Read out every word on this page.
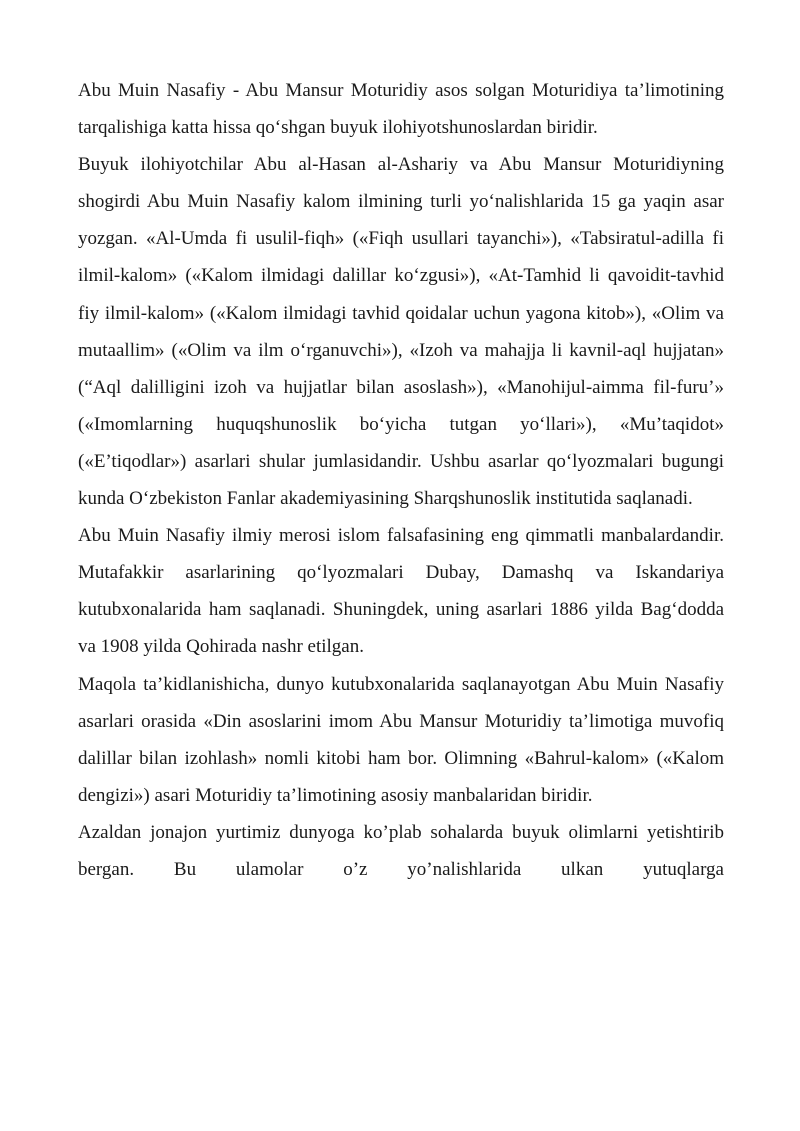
Abu Muin Nasafiy - Abu Mansur Moturidiy asos solgan Moturidiya ta’limotining tarqalishiga katta hissa qo‘shgan buyuk ilohiyotshunoslardan biridir.

Buyuk ilohiyotchilar Abu al-Hasan al-Ashariy va Abu Mansur Moturidiyning shogirdi Abu Muin Nasafiy kalom ilmining turli yo‘nalishlarida 15 ga yaqin asar yozgan. «Al-Umda fi usulil-fiqh» («Fiqh usullari tayanchi»), «Tabsiratul-adilla fi ilmil-kalom» («Kalom ilmidagi dalillar ko‘zgusi»), «At-Tamhid li qavoidit-tavhid fiy ilmil-kalom» («Kalom ilmidagi tavhid qoidalar uchun yagona kitob»), «Olim va mutaallim» («Olim va ilm o‘rganuvchi»), «Izoh va mahajja li kavnil-aql hujjatan» (“Aql dalilligini izoh va hujjatlar bilan asoslash»), «Manohijul-aimma fil-furu’» («Imomlarning huquqshunoslik bo‘yicha tutgan yo‘llari»), «Mu’taqidot» («E’tiqodlar») asarlari shular jumlasidandir. Ushbu asarlar qo‘lyozmalari bugungi kunda O‘zbekiston Fanlar akademiyasining Sharqshunoslik institutida saqlanadi.

Abu Muin Nasafiy ilmiy merosi islom falsafasining eng qimmatli manbalardandir. Mutafakkir asarlarining qo‘lyozmalari Dubay, Damashq va Iskandariya kutubxonalarida ham saqlanadi. Shuningdek, uning asarlari 1886 yilda Bag‘dodda va 1908 yilda Qohirada nashr etilgan.

Maqola ta’kidlanishicha, dunyo kutubxonalarida saqlanayotgan Abu Muin Nasafiy asarlari orasida «Din asoslarini imom Abu Mansur Moturidiy ta’limotiga muvofiq dalillar bilan izohlash» nomli kitobi ham bor. Olimning «Bahrul-kalom» («Kalom dengizi») asari Moturidiy ta’limotining asosiy manbalaridan biridir.

Azaldan jonajon yurtimiz dunyoga ko’plab sohalarda buyuk olimlarni yetishtirib bergan. Bu ulamolar o’z yo’nalishlarida ulkan yutuqlarga
